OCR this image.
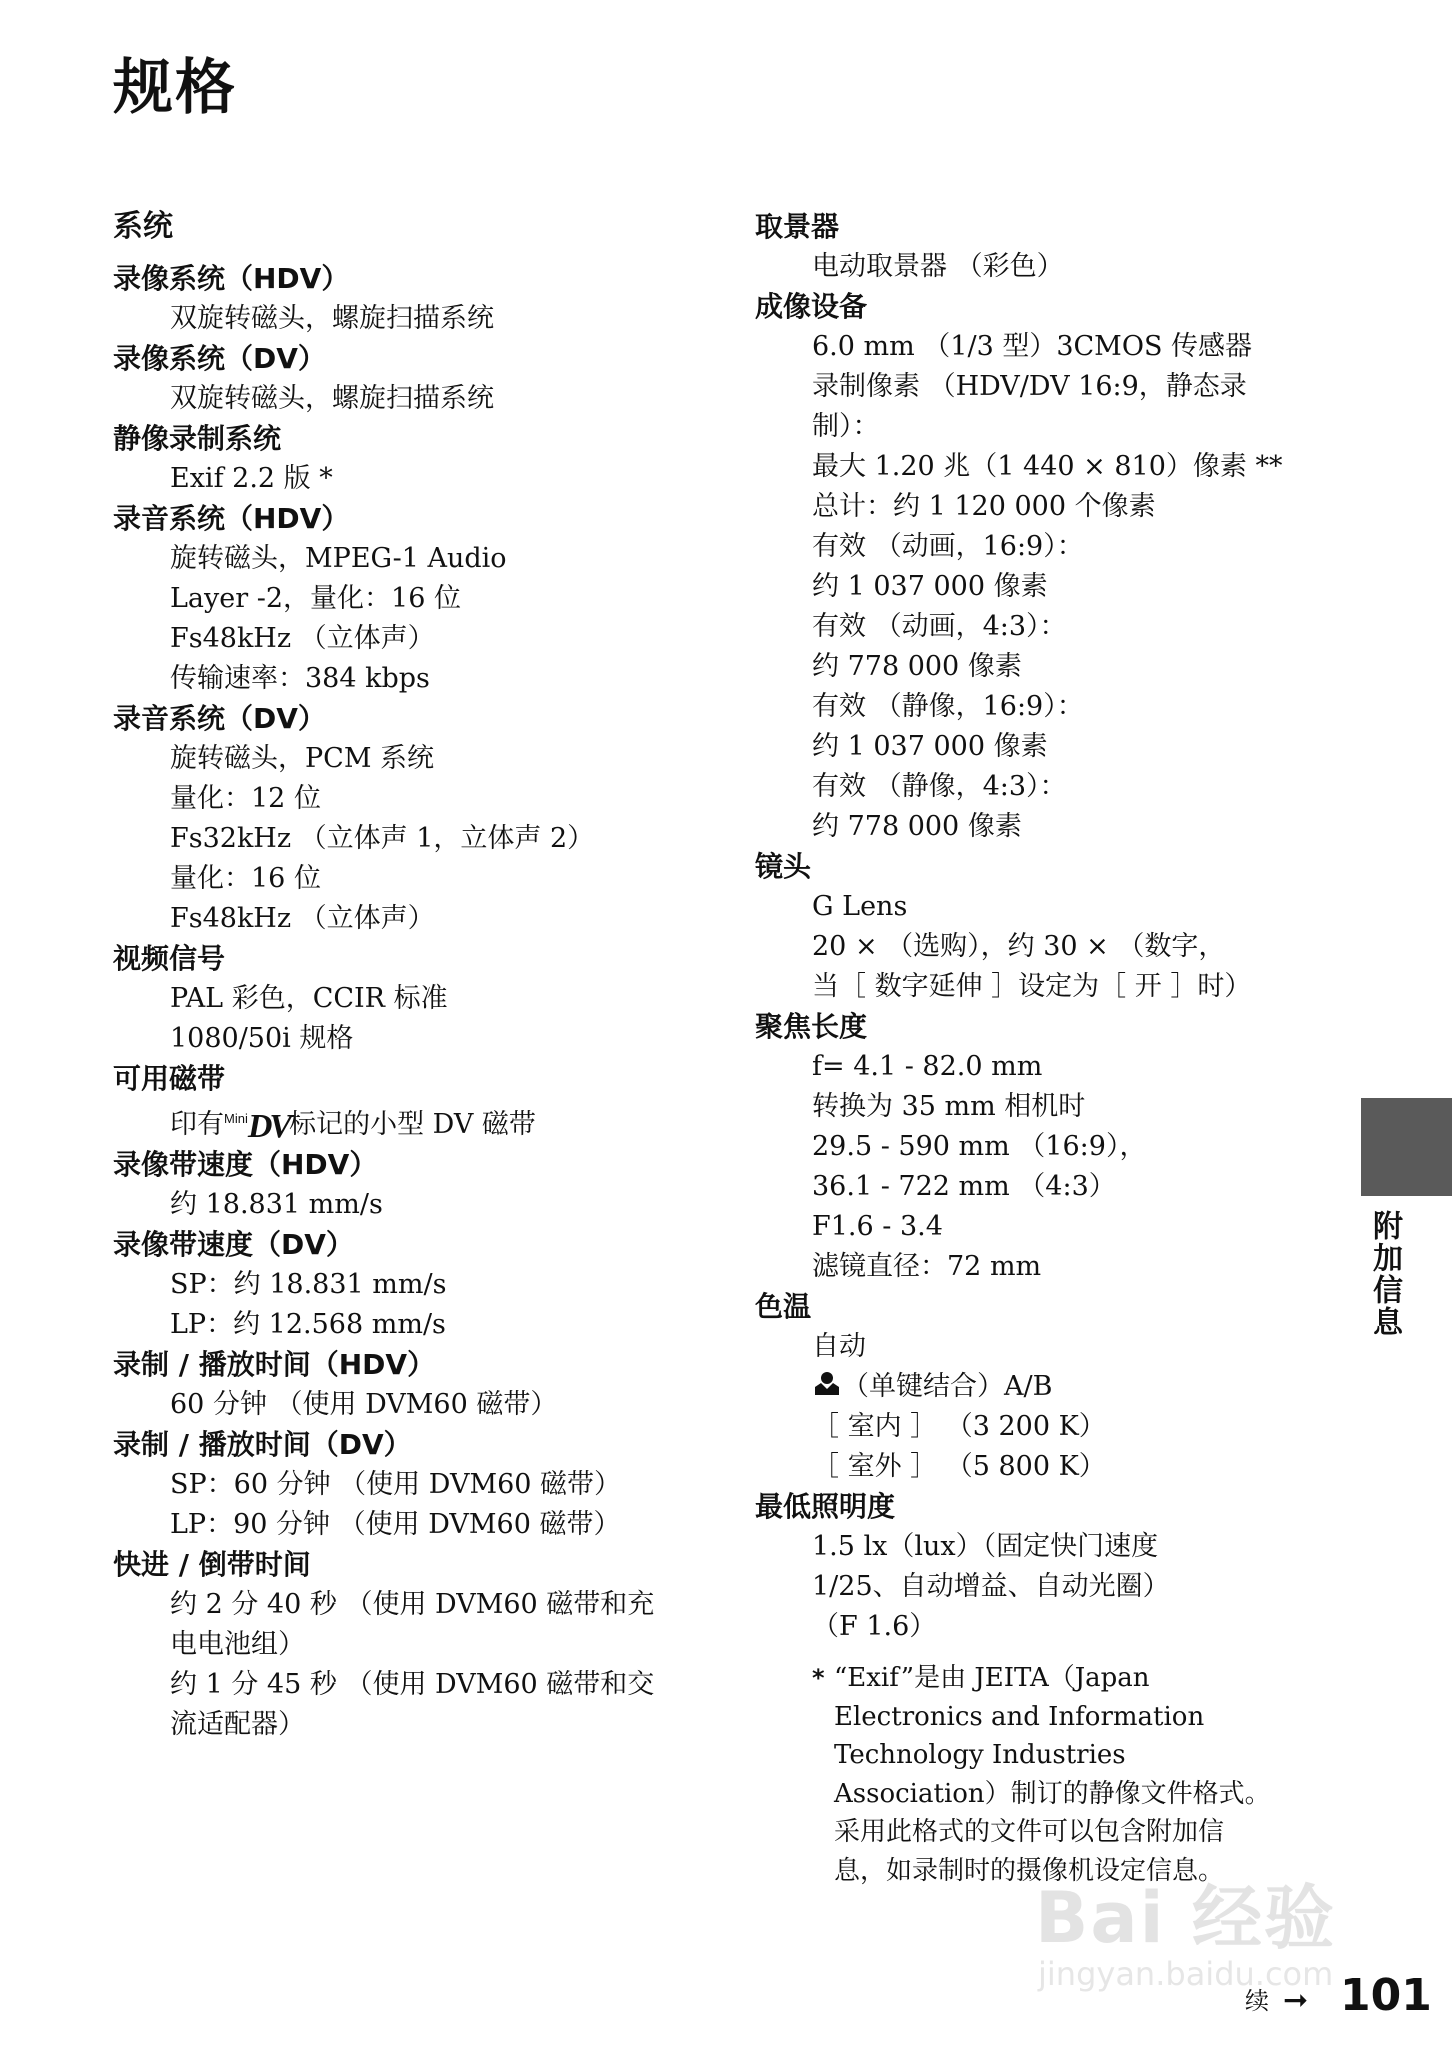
规格
系统
录像系统（HDV）
双旋转磁头，螺旋扫描系统
录像系统（DV）
双旋转磁头，螺旋扫描系统
静像录制系统
Exif 2.2 版 *
录音系统（HDV）
旋转磁头，MPEG-1 Audio
Layer -2，量化：16 位
Fs48kHz （立体声）
传输速率：384 kbps
录音系统（DV）
旋转磁头，PCM 系统
量化：12 位
Fs32kHz （立体声 1，立体声 2）
量化：16 位
Fs48kHz （立体声）
视频信号
PAL 彩色，CCIR 标准
1080/50i 规格
可用磁带
印有$^{Mini}$DV标记的小型 DV 磁带
录像带速度（HDV）
约 18.831 mm/s
录像带速度（DV）
SP：约 18.831 mm/s
LP：约 12.568 mm/s
录制 / 播放时间（HDV）
60 分钟 （使用 DVM60 磁带）
录制 / 播放时间（DV）
SP：60 分钟 （使用 DVM60 磁带）
LP：90 分钟 （使用 DVM60 磁带）
快进 / 倒带时间
约 2 分 40 秒 （使用 DVM60 磁带和充
电电池组）
约 1 分 45 秒 （使用 DVM60 磁带和交
流适配器）
取景器
电动取景器 （彩色）
成像设备
6.0 mm （1/3 型）3CMOS 传感器
录制像素 （HDV/DV 16:9，静态录
制）：
最大 1.20 兆（1 440 × 810）像素 **
总计：约 1 120 000 个像素
有效 （动画，16:9）：
约 1 037 000 像素
有效 （动画，4:3）：
约 778 000 像素
有效 （静像，16:9）：
约 1 037 000 像素
有效 （静像，4:3）：
约 778 000 像素
镜头
G Lens
20 × （选购），约 30 × （数字，
当［ 数字延伸 ］设定为［ 开 ］时）
聚焦长度
f= 4.1 - 82.0 mm
转换为 35 mm 相机时
29.5 - 590 mm （16:9），
36.1 - 722 mm （4:3）
F1.6 - 3.4
滤镜直径：72 mm
色温
自动
（单键结合）A/B
［ 室内 ］ （3 200 K）
［ 室外 ］ （5 800 K）
最低照明度
1.5 lx（lux）（固定快门速度
1/25、自动增益、自动光圈）
（F 1.6）
* “Exif”是由 JEITA（Japan
Electronics and Information
Technology Industries
Association）制订的静像文件格式。
采用此格式的文件可以包含附加信
息，如录制时的摄像机设定信息。
附加信息
Bai 经验
jingyan.baidu.com
续 ➞ 101
